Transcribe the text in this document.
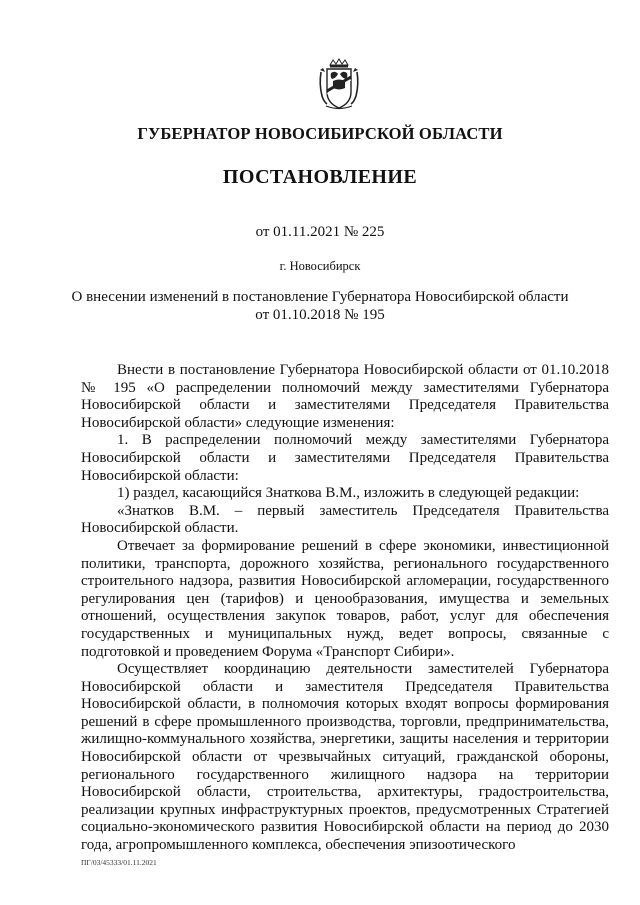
ГУБЕРНАТОР НОВОСИБИРСКОЙ ОБЛАСТИ
ПОСТАНОВЛЕНИЕ
от 01.11.2021 № 225
г. Новосибирск
О внесении изменений в постановление Губернатора Новосибирской области
от 01.10.2018 № 195

Внести в постановление Губернатора Новосибирской области от 01.10.2018 № 195 «О распределении полномочий между заместителями Губернатора Новосибирской области и заместителями Председателя Правительства Новосибирской области» следующие изменения:

1. В распределении полномочий между заместителями Губернатора Новосибирской области и заместителями Председателя Правительства Новосибирской области:

1) раздел, касающийся Знаткова В.М., изложить в следующей редакции:

«Знатков В.М. – первый заместитель Председателя Правительства Новосибирской области.

Отвечает за формирование решений в сфере экономики, инвестиционной политики, транспорта, дорожного хозяйства, регионального государственного строительного надзора, развития Новосибирской агломерации, государственного регулирования цен (тарифов) и ценообразования, имущества и земельных отношений, осуществления закупок товаров, работ, услуг для обеспечения государственных и муниципальных нужд, ведет вопросы, связанные с подготовкой и проведением Форума «Транспорт Сибири».

Осуществляет координацию деятельности заместителей Губернатора Новосибирской области и заместителя Председателя Правительства Новосибирской области, в полномочия которых входят вопросы формирования решений в сфере промышленного производства, торговли, предпринимательства, жилищно-коммунального хозяйства, энергетики, защиты населения и территории Новосибирской области от чрезвычайных ситуаций, гражданской обороны, регионального государственного жилищного надзора на территории Новосибирской области, строительства, архитектуры, градостроительства, реализации крупных инфраструктурных проектов, предусмотренных Стратегией социально-экономического развития Новосибирской области на период до 2030 года, агропромышленного комплекса, обеспечения эпизоотического

ПГ/03/45333/01.11.2021
